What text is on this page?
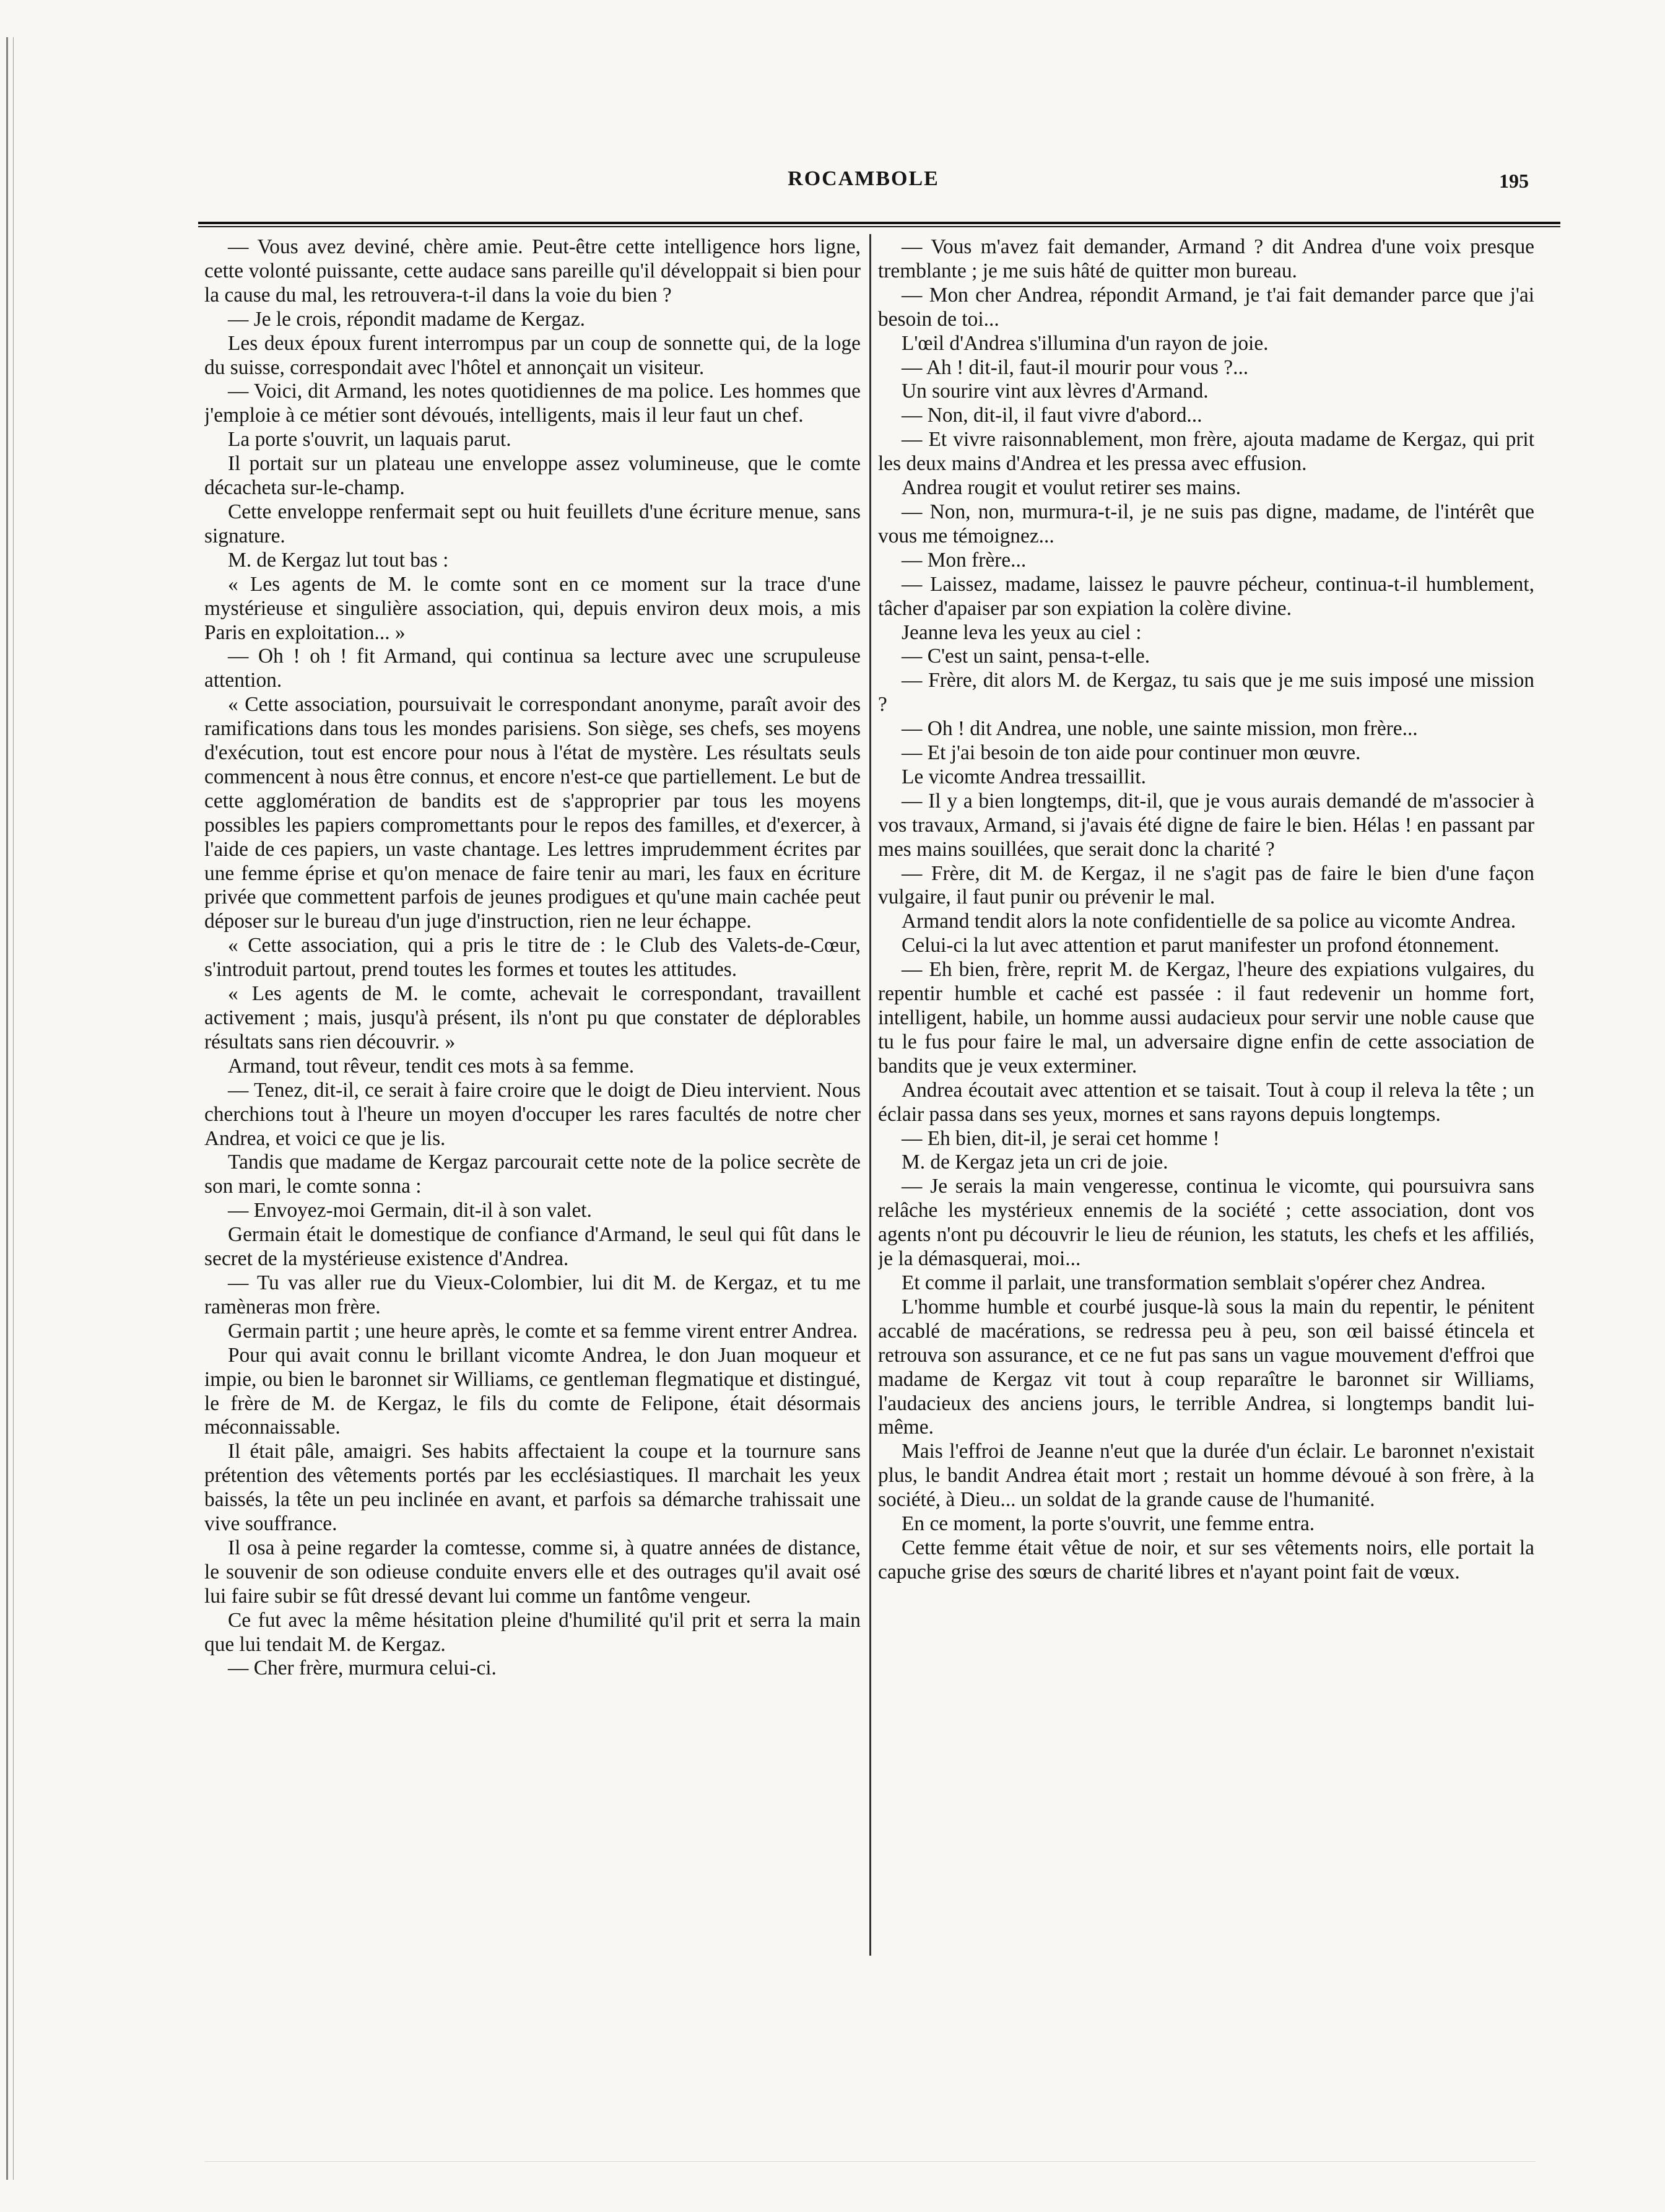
ROCAMBOLE	195

— Vous avez deviné, chère amie. Peut-être cette intelligence hors ligne, cette volonté puissante, cette audace sans pareille qu'il développait si bien pour la cause du mal, les retrouvera-t-il dans la voie du bien ?

— Je le crois, répondit madame de Kergaz.

Les deux époux furent interrompus par un coup de sonnette qui, de la loge du suisse, correspondait avec l'hôtel et annonçait un visiteur.

— Voici, dit Armand, les notes quotidiennes de ma police. Les hommes que j'emploie à ce métier sont dévoués, intelligents, mais il leur faut un chef.

La porte s'ouvrit, un laquais parut.

Il portait sur un plateau une enveloppe assez volumineuse, que le comte décacheta sur-le-champ.

Cette enveloppe renfermait sept ou huit feuillets d'une écriture menue, sans signature.

M. de Kergaz lut tout bas :

« Les agents de M. le comte sont en ce moment sur la trace d'une mystérieuse et singulière association, qui, depuis environ deux mois, a mis Paris en exploitation... »

— Oh ! oh ! fit Armand, qui continua sa lecture avec une scrupuleuse attention.

« Cette association, poursuivait le correspondant anonyme, paraît avoir des ramifications dans tous les mondes parisiens. Son siège, ses chefs, ses moyens d'exécution, tout est encore pour nous à l'état de mystère. Les résultats seuls commencent à nous être connus, et encore n'est-ce que partiellement. Le but de cette agglomération de bandits est de s'approprier par tous les moyens possibles les papiers compromettants pour le repos des familles, et d'exercer, à l'aide de ces papiers, un vaste chantage. Les lettres imprudemment écrites par une femme éprise et qu'on menace de faire tenir au mari, les faux en écriture privée que commettent parfois de jeunes prodigues et qu'une main cachée peut déposer sur le bureau d'un juge d'instruction, rien ne leur échappe.

« Cette association, qui a pris le titre de : le Club des Valets-de-Cœur, s'introduit partout, prend toutes les formes et toutes les attitudes.

« Les agents de M. le comte, achevait le correspondant, travaillent activement ; mais, jusqu'à présent, ils n'ont pu que constater de déplorables résultats sans rien découvrir. »

Armand, tout rêveur, tendit ces mots à sa femme.

— Tenez, dit-il, ce serait à faire croire que le doigt de Dieu intervient. Nous cherchions tout à l'heure un moyen d'occuper les rares facultés de notre cher Andrea, et voici ce que je lis.

Tandis que madame de Kergaz parcourait cette note de la police secrète de son mari, le comte sonna :

— Envoyez-moi Germain, dit-il à son valet.

Germain était le domestique de confiance d'Armand, le seul qui fût dans le secret de la mystérieuse existence d'Andrea.

— Tu vas aller rue du Vieux-Colombier, lui dit M. de Kergaz, et tu me ramèneras mon frère.

Germain partit ; une heure après, le comte et sa femme virent entrer Andrea.

Pour qui avait connu le brillant vicomte Andrea, le don Juan moqueur et impie, ou bien le baronnet sir Williams, ce gentleman flegmatique et distingué, le frère de M. de Kergaz, le fils du comte de Felipone, était désormais méconnaissable.

Il était pâle, amaigri. Ses habits affectaient la coupe et la tournure sans prétention des vêtements portés par les ecclésiastiques. Il marchait les yeux baissés, la tête un peu inclinée en avant, et parfois sa démarche trahissait une vive souffrance.

Il osa à peine regarder la comtesse, comme si, à quatre années de distance, le souvenir de son odieuse conduite envers elle et des outrages qu'il avait osé lui faire subir se fût dressé devant lui comme un fantôme vengeur.

Ce fut avec la même hésitation pleine d'humilité qu'il prit et serra la main que lui tendait M. de Kergaz.

— Cher frère, murmura celui-ci.

— Vous m'avez fait demander, Armand ? dit Andrea d'une voix presque tremblante ; je me suis hâté de quitter mon bureau.

— Mon cher Andrea, répondit Armand, je t'ai fait demander parce que j'ai besoin de toi...

L'œil d'Andrea s'illumina d'un rayon de joie.

— Ah ! dit-il, faut-il mourir pour vous ?...

Un sourire vint aux lèvres d'Armand.

— Non, dit-il, il faut vivre d'abord...

— Et vivre raisonnablement, mon frère, ajouta madame de Kergaz, qui prit les deux mains d'Andrea et les pressa avec effusion.

Andrea rougit et voulut retirer ses mains.

— Non, non, murmura-t-il, je ne suis pas digne, madame, de l'intérêt que vous me témoignez...

— Mon frère...

— Laissez, madame, laissez le pauvre pécheur, continua-t-il humblement, tâcher d'apaiser par son expiation la colère divine.

Jeanne leva les yeux au ciel :

— C'est un saint, pensa-t-elle.

— Frère, dit alors M. de Kergaz, tu sais que je me suis imposé une mission ?

— Oh ! dit Andrea, une noble, une sainte mission, mon frère...

— Et j'ai besoin de ton aide pour continuer mon œuvre.

Le vicomte Andrea tressaillit.

— Il y a bien longtemps, dit-il, que je vous aurais demandé de m'associer à vos travaux, Armand, si j'avais été digne de faire le bien. Hélas ! en passant par mes mains souillées, que serait donc la charité ?

— Frère, dit M. de Kergaz, il ne s'agit pas de faire le bien d'une façon vulgaire, il faut punir ou prévenir le mal.

Armand tendit alors la note confidentielle de sa police au vicomte Andrea.

Celui-ci la lut avec attention et parut manifester un profond étonnement.

— Eh bien, frère, reprit M. de Kergaz, l'heure des expiations vulgaires, du repentir humble et caché est passée : il faut redevenir un homme fort, intelligent, habile, un homme aussi audacieux pour servir une noble cause que tu le fus pour faire le mal, un adversaire digne enfin de cette association de bandits que je veux exterminer.

Andrea écoutait avec attention et se taisait. Tout à coup il releva la tête ; un éclair passa dans ses yeux, mornes et sans rayons depuis longtemps.

— Eh bien, dit-il, je serai cet homme !

M. de Kergaz jeta un cri de joie.

— Je serais la main vengeresse, continua le vicomte, qui poursuivra sans relâche les mystérieux ennemis de la société ; cette association, dont vos agents n'ont pu découvrir le lieu de réunion, les statuts, les chefs et les affiliés, je la démasquerai, moi...

Et comme il parlait, une transformation semblait s'opérer chez Andrea.

L'homme humble et courbé jusque-là sous la main du repentir, le pénitent accablé de macérations, se redressa peu à peu, son œil baissé étincela et retrouva son assurance, et ce ne fut pas sans un vague mouvement d'effroi que madame de Kergaz vit tout à coup reparaître le baronnet sir Williams, l'audacieux des anciens jours, le terrible Andrea, si longtemps bandit lui-même.

Mais l'effroi de Jeanne n'eut que la durée d'un éclair. Le baronnet n'existait plus, le bandit Andrea était mort ; restait un homme dévoué à son frère, à la société, à Dieu... un soldat de la grande cause de l'humanité.

En ce moment, la porte s'ouvrit, une femme entra.

Cette femme était vêtue de noir, et sur ses vêtements noirs, elle portait la capuche grise des sœurs de charité libres et n'ayant point fait de vœux.
